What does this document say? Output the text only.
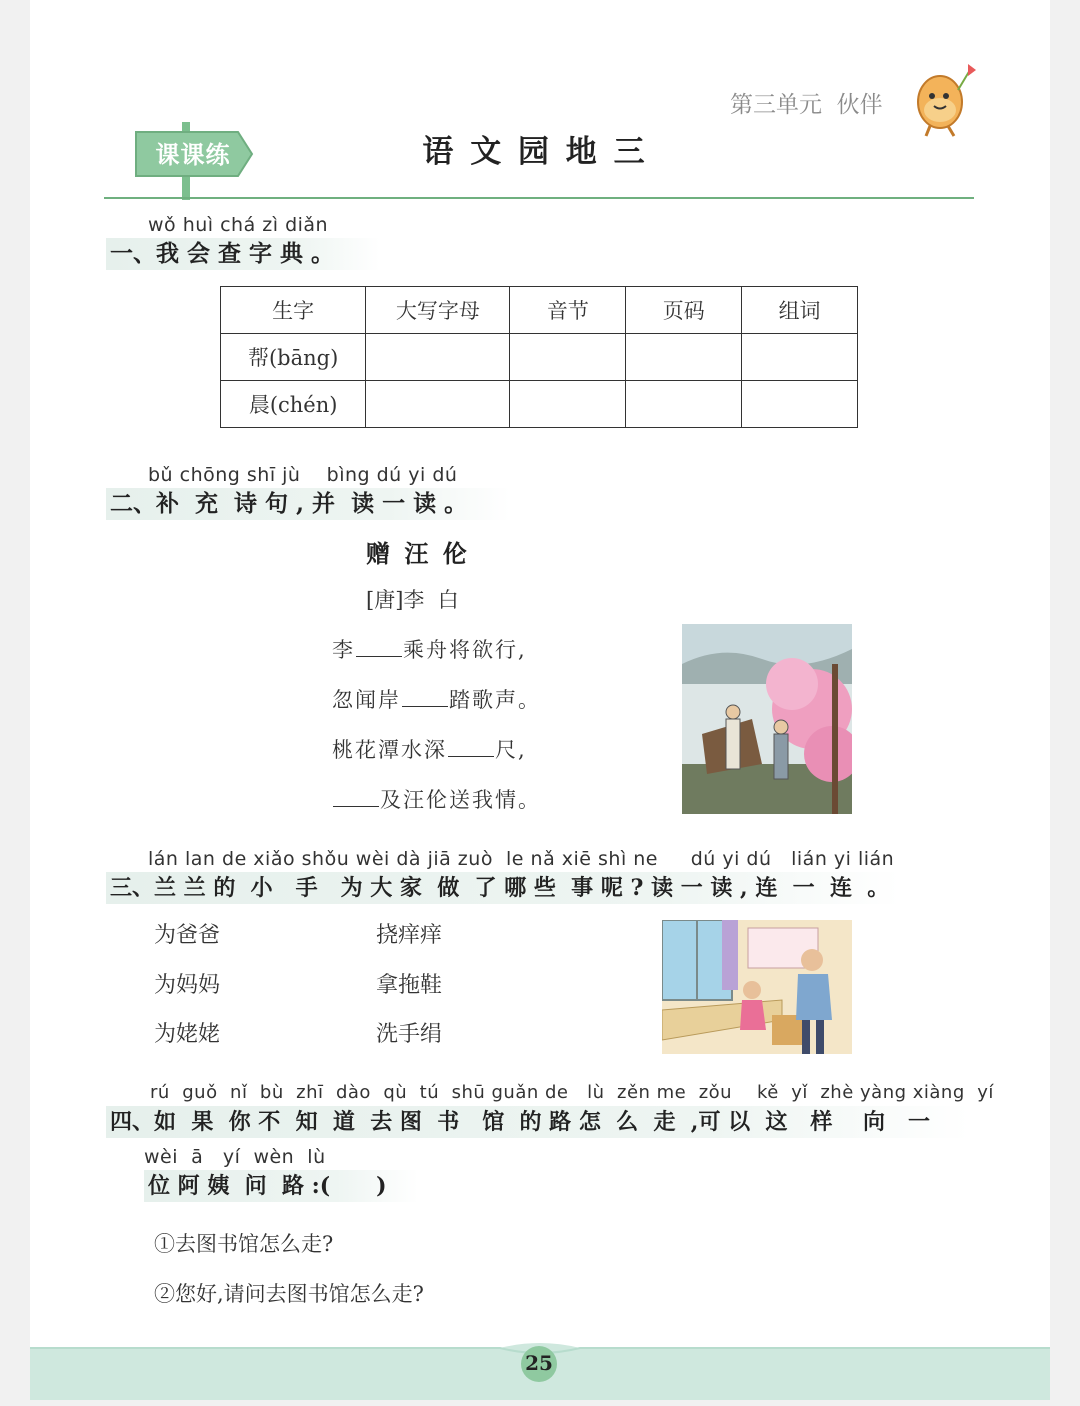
第三单元 伙伴
课课练	语 文 园 地 三
wǒ huì chá zì diǎn
一、我 会 查 字 典 。
生字	大写字母	音节	页码	组词
帮(bāng)				
晨(chén)				
bǔ chōng shī jù    bìng dú yi dú
二、补  充  诗 句 , 并  读 一 读 。
赠 汪 伦
[唐]李  白
李 乘舟将欲行,
忽闻岸 踏歌声。
桃花潭水深 尺,
及汪伦送我情。
lán lan de xiǎo shǒu wèi dà jiā zuò  le nǎ xiē shì ne     dú yi dú   lián yi lián
三、兰 兰 的  小   手   为 大 家  做  了 哪 些  事 呢 ? 读 一 读 , 连  一  连  。
为爸爸
为妈妈
为姥姥
挠痒痒
拿拖鞋
洗手绢
rú  guǒ  nǐ  bù  zhī  dào  qù  tú  shū guǎn de   lù  zěn me  zǒu    kě  yǐ  zhè yàng xiàng  yí
四、如  果  你 不  知  道  去 图  书   馆  的 路 怎  么  走  ,可 以  这   样    向   一
wèi  ā   yí  wèn  lù
位 阿 姨  问  路 :(      )
①去图书馆怎么走?
②您好,请问去图书馆怎么走?
25
